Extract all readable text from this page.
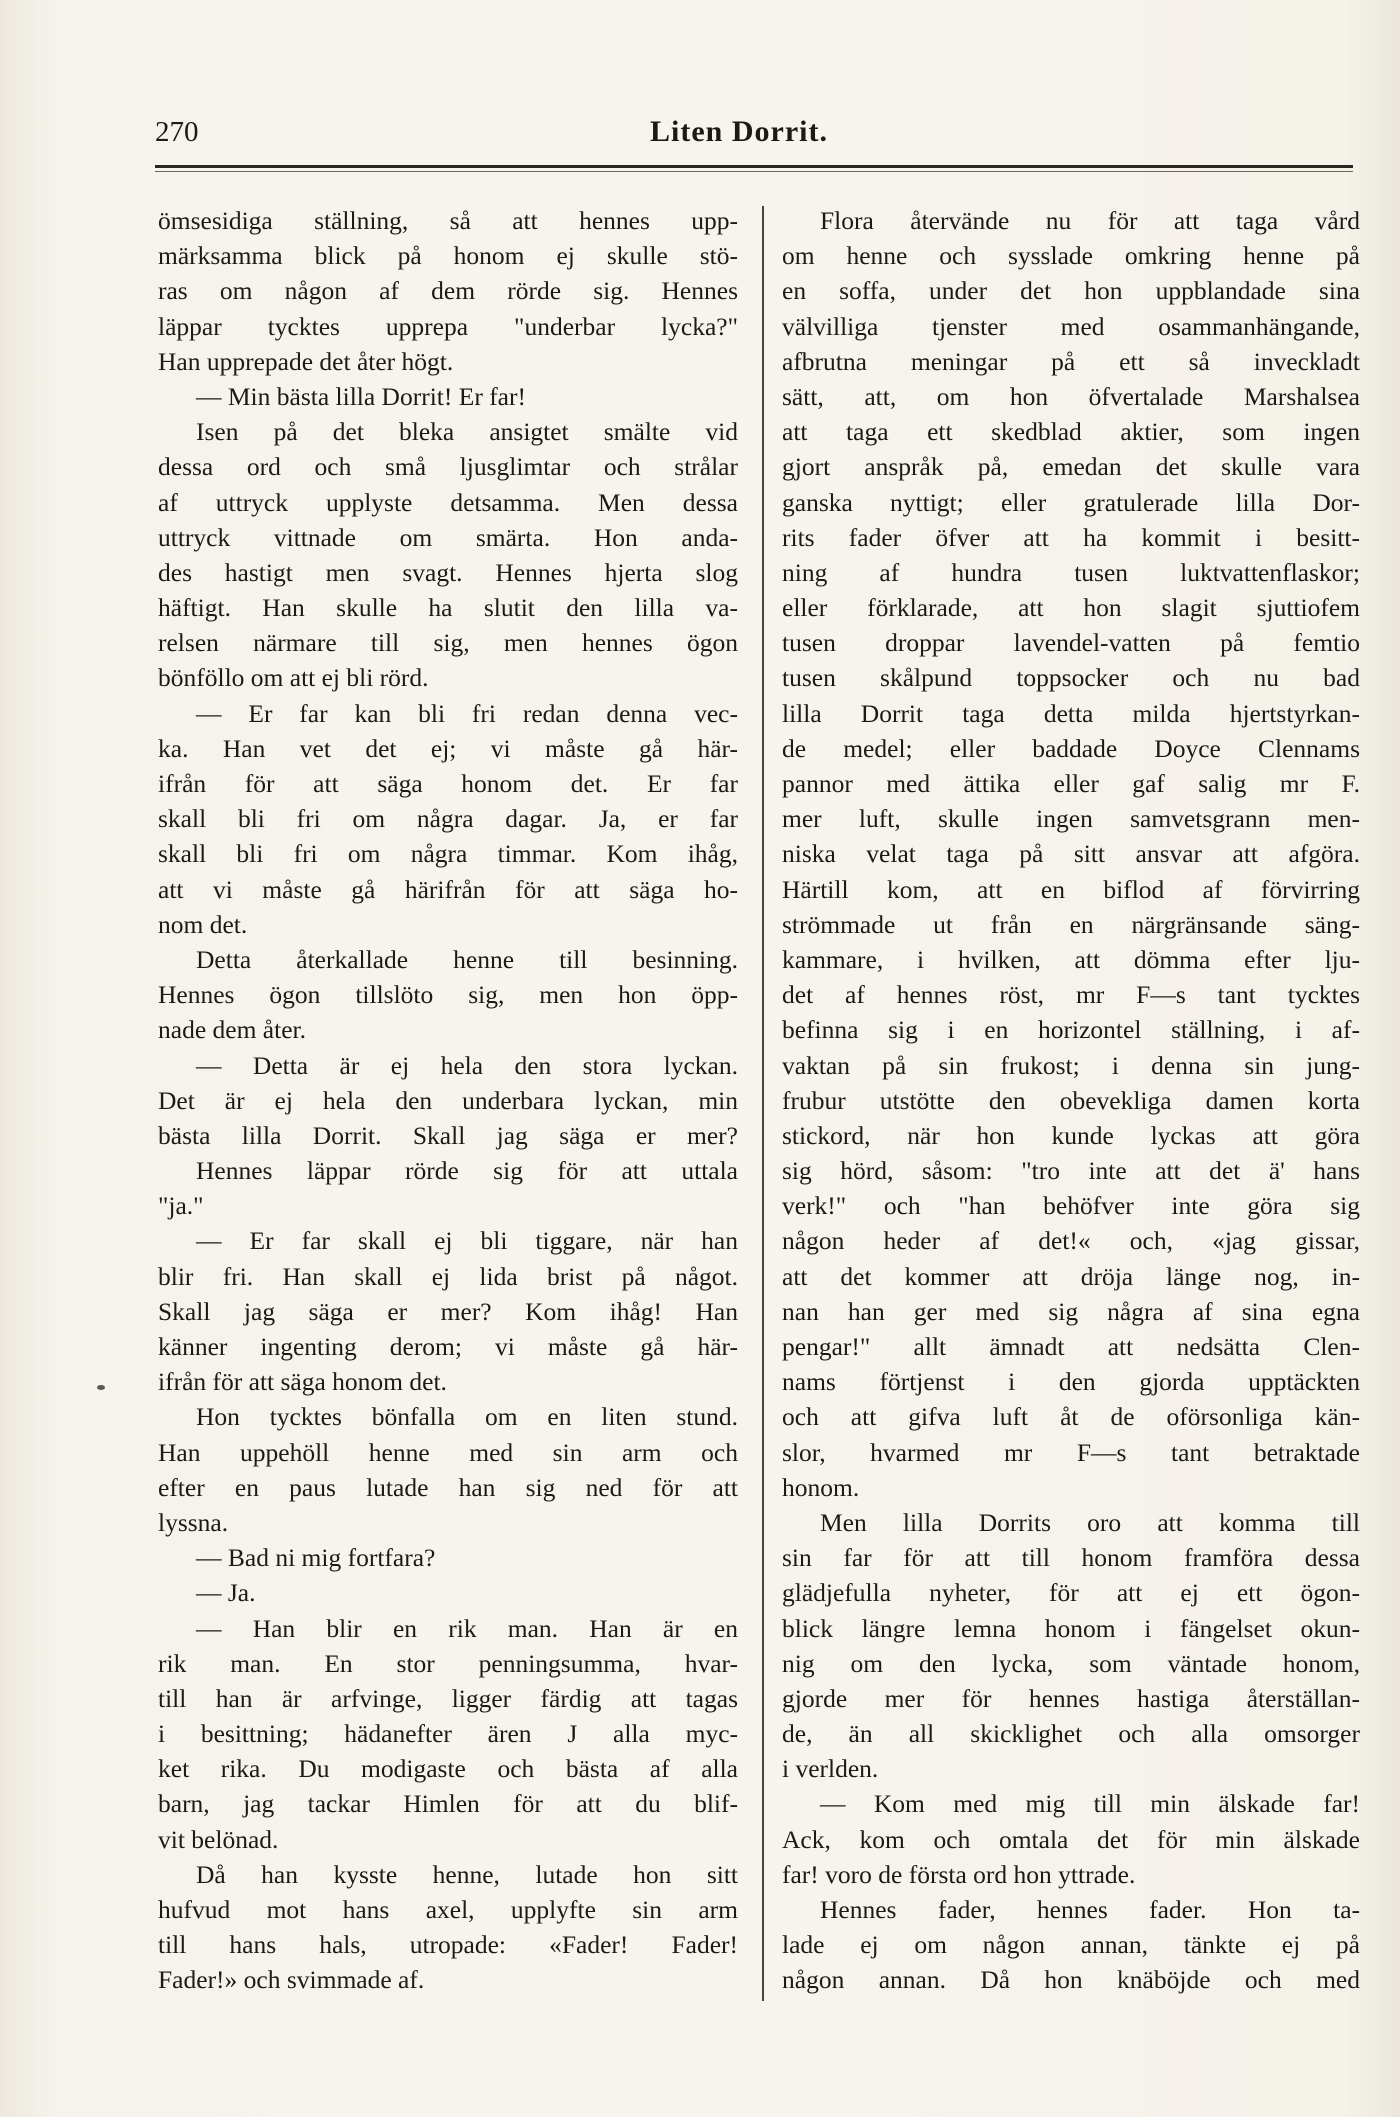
270	Liten Dorrit.
ömsesidiga ställning, så att hennes upp-
märksamma blick på honom ej skulle stö-
ras om någon af dem rörde sig. Hennes
läppar tycktes upprepa "underbar lycka?"
Han upprepade det åter högt.
— Min bästa lilla Dorrit! Er far!
Isen på det bleka ansigtet smälte vid
dessa ord och små ljusglimtar och strålar
af uttryck upplyste detsamma. Men dessa
uttryck vittnade om smärta. Hon anda-
des hastigt men svagt. Hennes hjerta slog
häftigt. Han skulle ha slutit den lilla va-
relsen närmare till sig, men hennes ögon
bönföllo om att ej bli rörd.
— Er far kan bli fri redan denna vec-
ka. Han vet det ej; vi måste gå här-
ifrån för att säga honom det. Er far
skall bli fri om några dagar. Ja, er far
skall bli fri om några timmar. Kom ihåg,
att vi måste gå härifrån för att säga ho-
nom det.
Detta återkallade henne till besinning.
Hennes ögon tillslöto sig, men hon öpp-
nade dem åter.
— Detta är ej hela den stora lyckan.
Det är ej hela den underbara lyckan, min
bästa lilla Dorrit. Skall jag säga er mer?
Hennes läppar rörde sig för att uttala
"ja."
— Er far skall ej bli tiggare, när han
blir fri. Han skall ej lida brist på något.
Skall jag säga er mer? Kom ihåg! Han
känner ingenting derom; vi måste gå här-
ifrån för att säga honom det.
Hon tycktes bönfalla om en liten stund.
Han uppehöll henne med sin arm och
efter en paus lutade han sig ned för att
lyssna.
— Bad ni mig fortfara?
— Ja.
— Han blir en rik man. Han är en
rik man. En stor penningsumma, hvar-
till han är arfvinge, ligger färdig att tagas
i besittning; hädanefter ären J alla myc-
ket rika. Du modigaste och bästa af alla
barn, jag tackar Himlen för att du blif-
vit belönad.
Då han kysste henne, lutade hon sitt
hufvud mot hans axel, upplyfte sin arm
till hans hals, utropade: «Fader! Fader!
Fader!» och svimmade af.
Flora återvände nu för att taga vård
om henne och sysslade omkring henne på
en soffa, under det hon uppblandade sina
välvilliga tjenster med osammanhängande,
afbrutna meningar på ett så inveckladt
sätt, att, om hon öfvertalade Marshalsea
att taga ett skedblad aktier, som ingen
gjort anspråk på, emedan det skulle vara
ganska nyttigt; eller gratulerade lilla Dor-
rits fader öfver att ha kommit i besitt-
ning af hundra tusen luktvattenflaskor;
eller förklarade, att hon slagit sjuttiofem
tusen droppar lavendel-vatten på femtio
tusen skålpund toppsocker och nu bad
lilla Dorrit taga detta milda hjertstyrkan-
de medel; eller baddade Doyce Clennams
pannor med ättika eller gaf salig mr F.
mer luft, skulle ingen samvetsgrann men-
niska velat taga på sitt ansvar att afgöra.
Härtill kom, att en biflod af förvirring
strömmade ut från en närgränsande säng-
kammare, i hvilken, att dömma efter lju-
det af hennes röst, mr F—s tant tycktes
befinna sig i en horizontel ställning, i af-
vaktan på sin frukost; i denna sin jung-
frubur utstötte den obevekliga damen korta
stickord, när hon kunde lyckas att göra
sig hörd, såsom: "tro inte att det ä' hans
verk!" och "han behöfver inte göra sig
någon heder af det!« och, «jag gissar,
att det kommer att dröja länge nog, in-
nan han ger med sig några af sina egna
pengar!" allt ämnadt att nedsätta Clen-
nams förtjenst i den gjorda upptäckten
och att gifva luft åt de oförsonliga kän-
slor, hvarmed mr F—s tant betraktade
honom.
Men lilla Dorrits oro att komma till
sin far för att till honom framföra dessa
glädjefulla nyheter, för att ej ett ögon-
blick längre lemna honom i fängelset okun-
nig om den lycka, som väntade honom,
gjorde mer för hennes hastiga återställan-
de, än all skicklighet och alla omsorger
i verlden.
— Kom med mig till min älskade far!
Ack, kom och omtala det för min älskade
far! voro de första ord hon yttrade.
Hennes fader, hennes fader. Hon ta-
lade ej om någon annan, tänkte ej på
någon annan. Då hon knäböjde och med
